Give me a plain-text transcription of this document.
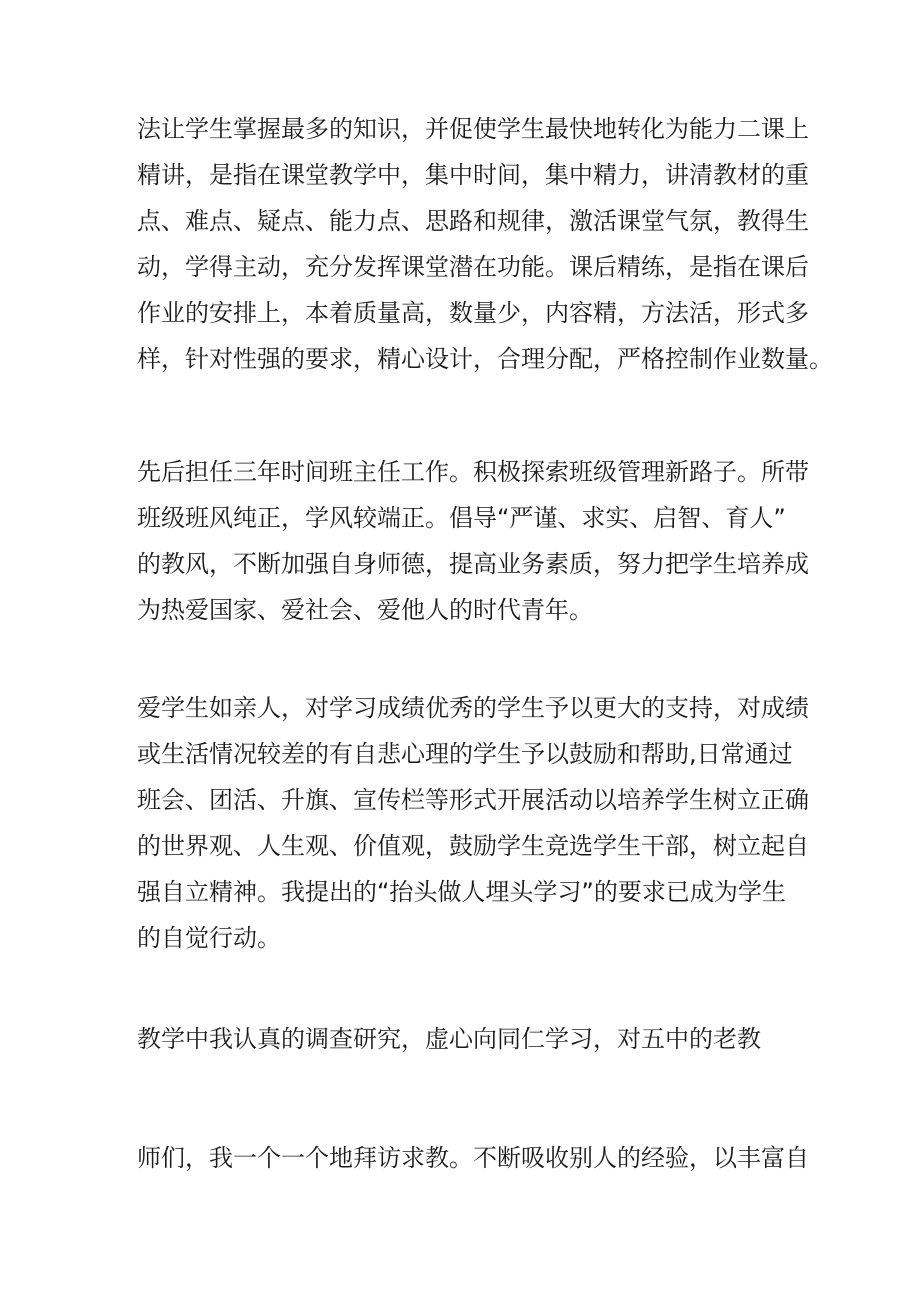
法让学生掌握最多的知识，并促使学生最快地转化为能力二课上
精讲，是指在课堂教学中，集中时间，集中精力，讲清教材的重
点、难点、疑点、能力点、思路和规律，激活课堂气氛，教得生
动，学得主动，充分发挥课堂潜在功能。课后精练，是指在课后
作业的安排上，本着质量高，数量少，内容精，方法活，形式多
样，针对性强的要求，精心设计，合理分配，严格控制作业数量。
先后担任三年时间班主任工作。积极探索班级管理新路子。所带
班级班风纯正，学风较端正。倡导“严谨、求实、启智、育人”
的教风，不断加强自身师德，提高业务素质，努力把学生培养成
为热爱国家、爱社会、爱他人的时代青年。
爱学生如亲人，对学习成绩优秀的学生予以更大的支持，对成绩
或生活情况较差的有自悲心理的学生予以鼓励和帮助,日常通过
班会、团活、升旗、宣传栏等形式开展活动以培养学生树立正确
的世界观、人生观、价值观，鼓励学生竞选学生干部，树立起自
强自立精神。我提出的“抬头做人埋头学习”的要求已成为学生
的自觉行动。
教学中我认真的调查研究，虚心向同仁学习，对五中的老教
师们，我一个一个地拜访求教。不断吸收别人的经验，以丰富自
